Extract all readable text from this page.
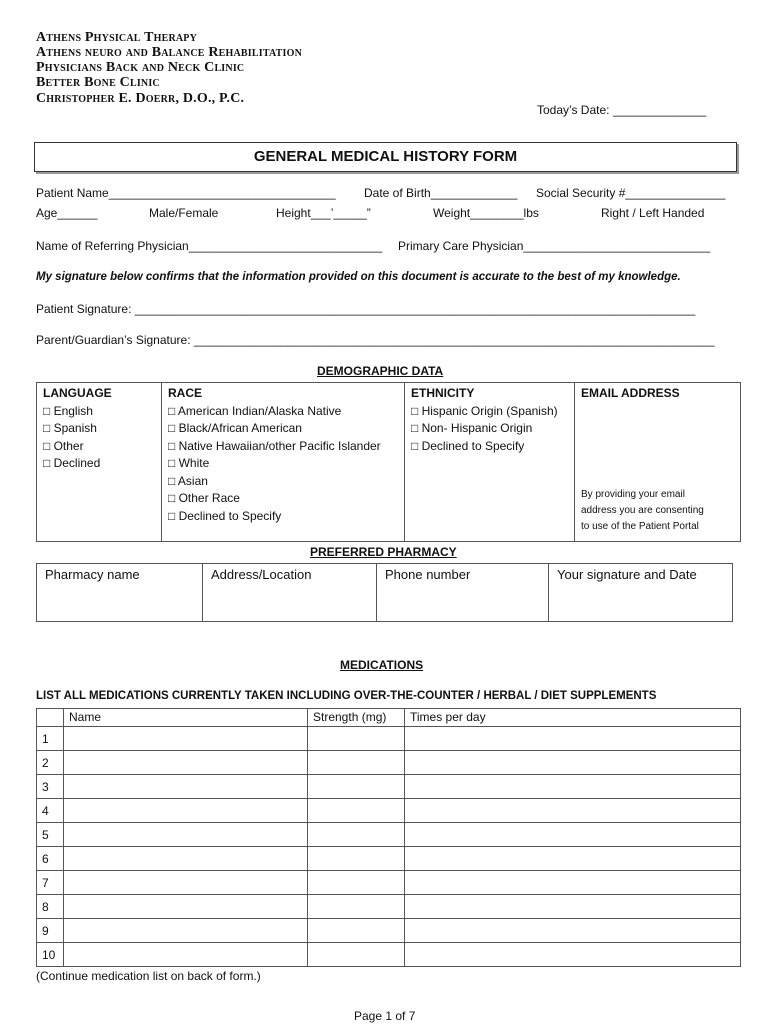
Athens Physical Therapy
Athens neuro and Balance Rehabilitation
Physicians Back and Neck Clinic
Better Bone Clinic
Christopher E. Doerr, D.O., P.C.
Today’s Date: ______________
GENERAL MEDICAL HISTORY FORM
Patient Name__________________________________ Date of Birth_____________ Social Security #_______________
Age______	Male/Female	Height___’_____”	Weight________lbs	Right / Left Handed
Name of Referring Physician_____________________________ Primary Care Physician____________________________
My signature below confirms that the information provided on this document is accurate to the best of my knowledge.
Patient Signature: ____________________________________________________________________________________
Parent/Guardian’s Signature: ______________________________________________________________________________
DEMOGRAPHIC DATA
LANGUAGE
□ English
□ Spanish
□ Other
□ Declined

RACE
□ American Indian/Alaska Native
□ Black/African American
□ Native Hawaiian/other Pacific Islander
□ White
□ Asian
□ Other Race
□ Declined to Specify

ETHNICITY
□ Hispanic Origin (Spanish)
□ Non- Hispanic Origin
□ Declined to Specify

EMAIL ADDRESS
By providing your email
address you are consenting
to use of the Patient Portal
PREFERRED PHARMACY
Pharmacy name	Address/Location	Phone number	Your signature and Date
MEDICATIONS
LIST ALL MEDICATIONS CURRENTLY TAKEN INCLUDING OVER-THE-COUNTER / HERBAL / DIET SUPPLEMENTS
	Name	Strength (mg)	Times per day
1			
2			
3			
4			
5			
6			
7			
8			
9			
10			
(Continue medication list on back of form.)
Page 1 of 7
